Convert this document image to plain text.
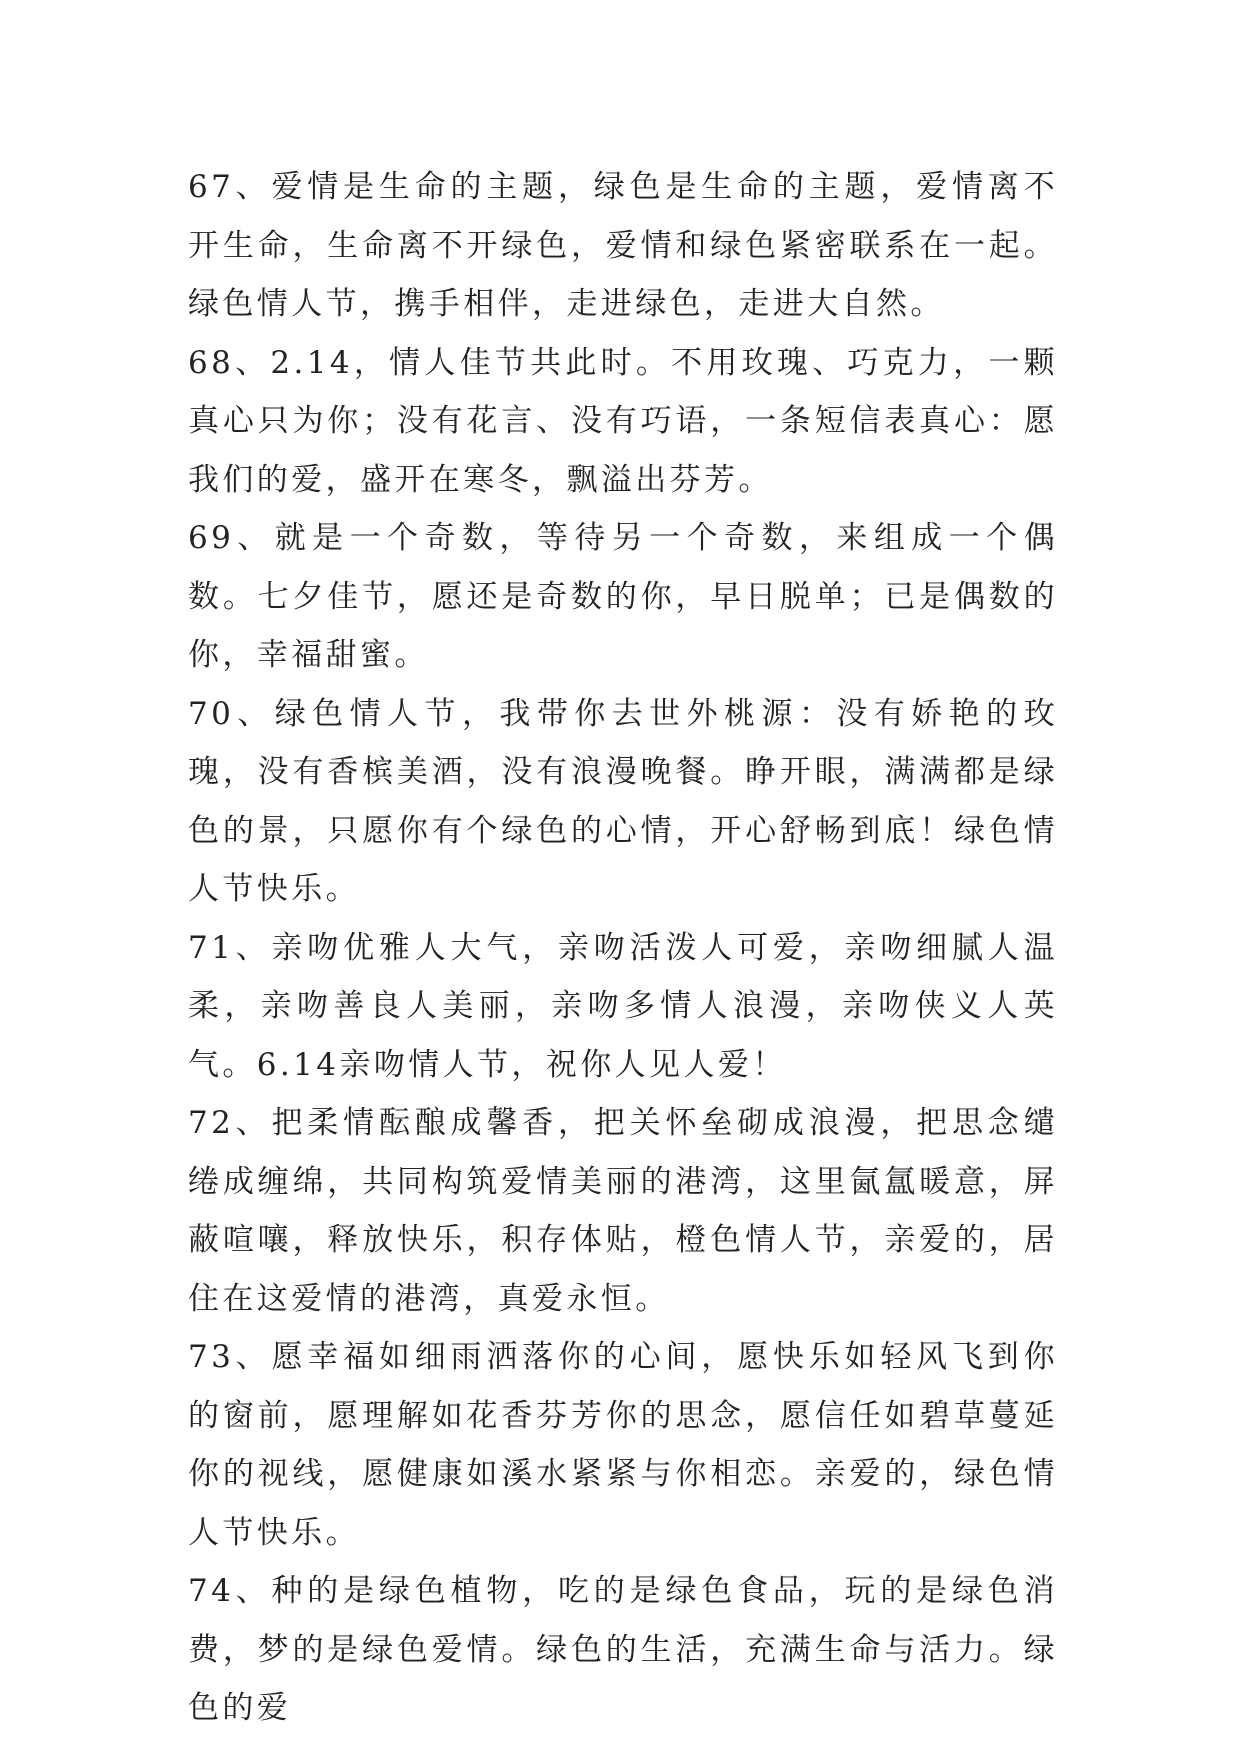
67、爱情是生命的主题，绿色是生命的主题，爱情离不开生命，生命离不开绿色，爱情和绿色紧密联系在一起。绿色情人节，携手相伴，走进绿色，走进大自然。

68、2.14，情人佳节共此时。不用玫瑰、巧克力，一颗真心只为你；没有花言、没有巧语，一条短信表真心：愿我们的爱，盛开在寒冬，飘溢出芬芳。

69、就是一个奇数，等待另一个奇数，来组成一个偶数。七夕佳节，愿还是奇数的你，早日脱单；已是偶数的你，幸福甜蜜。

70、绿色情人节，我带你去世外桃源：没有娇艳的玫瑰，没有香槟美酒，没有浪漫晚餐。睁开眼，满满都是绿色的景，只愿你有个绿色的心情，开心舒畅到底！绿色情人节快乐。

71、亲吻优雅人大气，亲吻活泼人可爱，亲吻细腻人温柔，亲吻善良人美丽，亲吻多情人浪漫，亲吻侠义人英气。6.14亲吻情人节，祝你人见人爱！

72、把柔情酝酿成馨香，把关怀垒砌成浪漫，把思念缱绻成缠绵，共同构筑爱情美丽的港湾，这里氤氲暖意，屏蔽喧嚷，释放快乐，积存体贴，橙色情人节，亲爱的，居住在这爱情的港湾，真爱永恒。

73、愿幸福如细雨洒落你的心间，愿快乐如轻风飞到你的窗前，愿理解如花香芬芳你的思念，愿信任如碧草蔓延你的视线，愿健康如溪水紧紧与你相恋。亲爱的，绿色情人节快乐。

74、种的是绿色植物，吃的是绿色食品，玩的是绿色消费，梦的是绿色爱情。绿色的生活，充满生命与活力。绿色的爱
